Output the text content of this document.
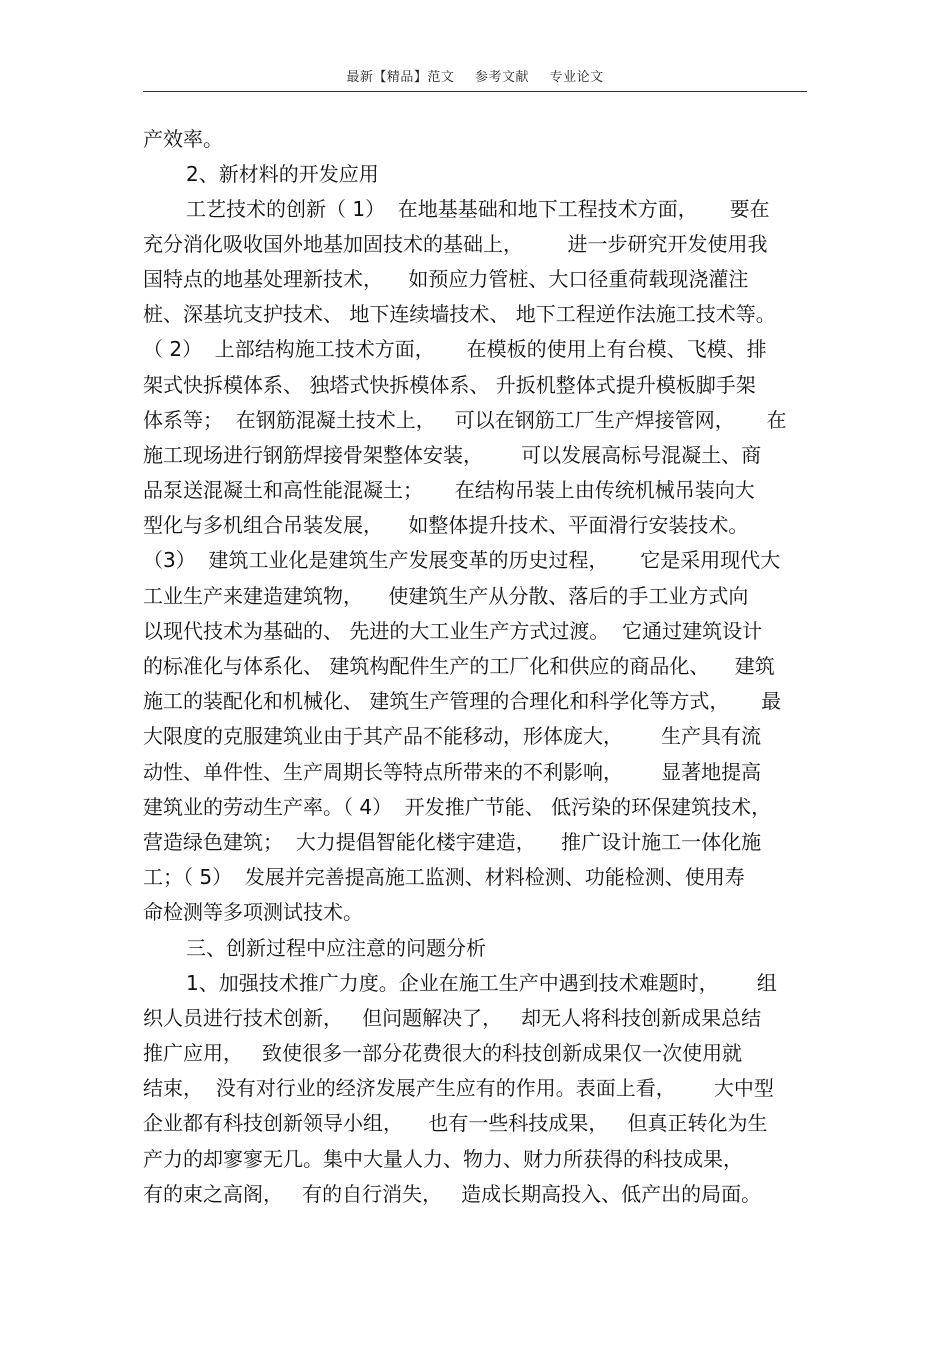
最新【精品】范文 参考文献 专业论文
产效率。
2、新材料的开发应用
工艺技术的创新（ 1）  在地基基础和地下工程技术方面，     要在
充分消化吸收国外地基加固技术的基础上，       进一步研究开发使用我
国特点的地基处理新技术，    如预应力管桩、大口径重荷载现浇灌注
桩、深基坑支护技术、 地下连续墙技术、 地下工程逆作法施工技术等。
（ 2）  上部结构施工技术方面，     在模板的使用上有台模、飞模、排
架式快拆模体系、 独塔式快拆模体系、 升扳机整体式提升模板脚手架
体系等；  在钢筋混凝土技术上，   可以在钢筋工厂生产焊接管网，     在
施工现场进行钢筋焊接骨架整体安装，      可以发展高标号混凝土、商
品泵送混凝土和高性能混凝土；     在结构吊装上由传统机械吊装向大
型化与多机组合吊装发展，    如整体提升技术、平面滑行安装技术。
（3）  建筑工业化是建筑生产发展变革的历史过程，     它是采用现代大
工业生产来建造建筑物，    使建筑生产从分散、落后的手工业方式向
以现代技术为基础的、 先进的大工业生产方式过渡。  它通过建筑设计
的标准化与体系化、 建筑构配件生产的工厂化和供应的商品化、    建筑
施工的装配化和机械化、 建筑生产管理的合理化和科学化等方式，     最
大限度的克服建筑业由于其产品不能移动，形体庞大，      生产具有流
动性、单件性、生产周期长等特点所带来的不利影响，      显著地提高
建筑业的劳动生产率。（ 4）  开发推广节能、 低污染的环保建筑技术，
营造绿色建筑；  大力提倡智能化楼宇建造，    推广设计施工一体化施
工；（ 5）  发展并完善提高施工监测、材料检测、功能检测、使用寿
命检测等多项测试技术。
三、创新过程中应注意的问题分析
1、加强技术推广力度。企业在施工生产中遇到技术难题时，      组
织人员进行技术创新，   但问题解决了，   却无人将科技创新成果总结
推广应用，   致使很多一部分花费很大的科技创新成果仅一次使用就
结束，  没有对行业的经济发展产生应有的作用。表面上看，      大中型
企业都有科技创新领导小组，    也有一些科技成果，   但真正转化为生
产力的却寥寥无几。集中大量人力、物力、财力所获得的科技成果，
有的束之高阁，   有的自行消失，   造成长期高投入、低产出的局面。
